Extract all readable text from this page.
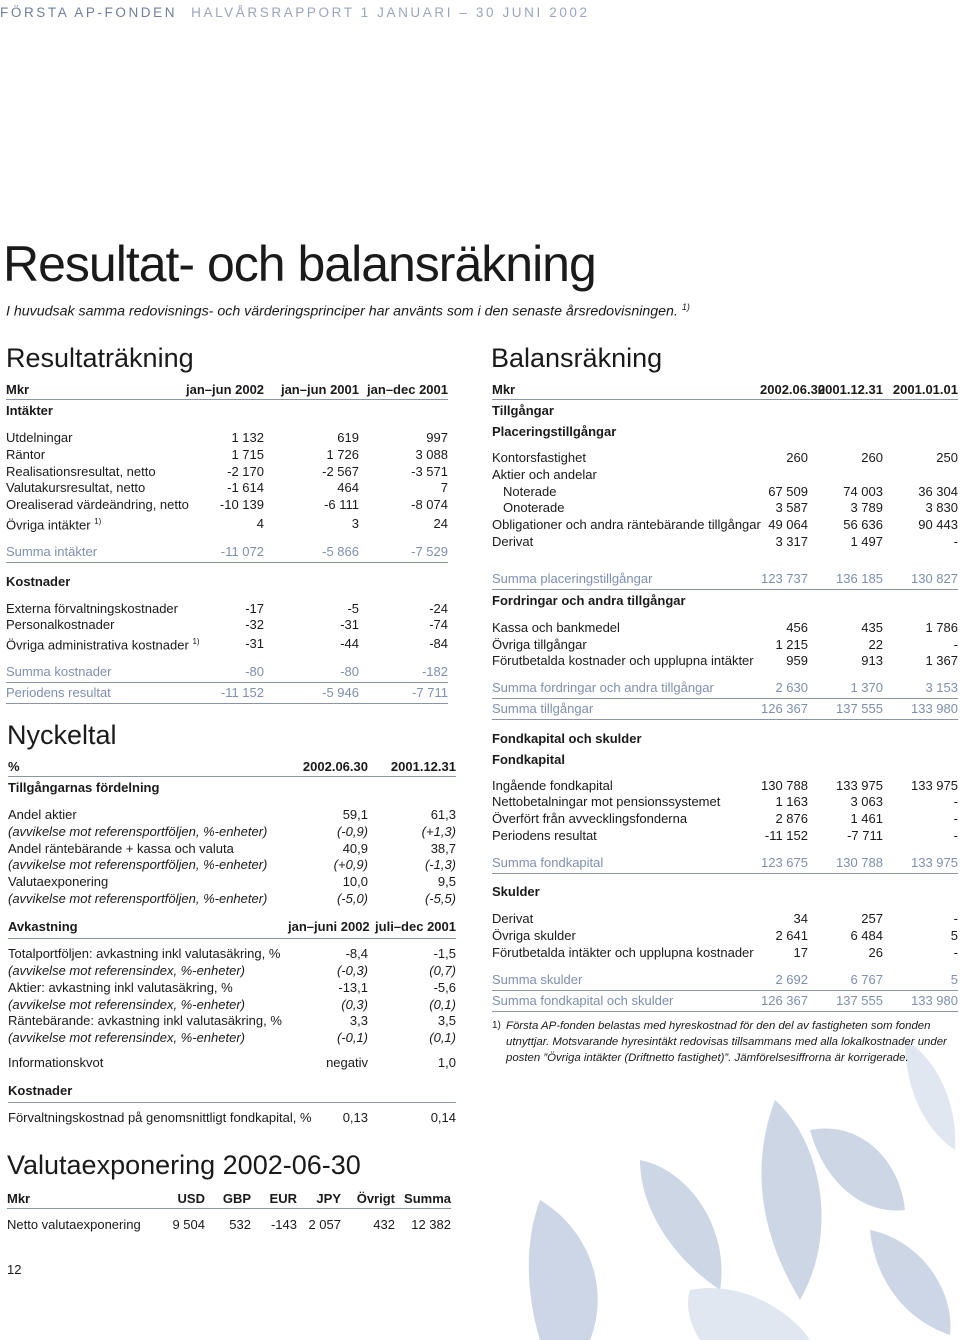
FÖRSTA AP-FONDEN HALVÅRSRAPPORT 1 JANUARI – 30 JUNI 2002
Resultat- och balansräkning

I huvudsak samma redovisnings- och värderingsprinciper har använts som i den senaste årsredovisningen. $^{1)}$

Resultaträkning
Mkr	jan–jun 2002	jan–jun 2001	jan–dec 2001
Intäkter			

Utdelningar	1 132	619	997
Räntor	1 715	1 726	3 088
Realisationsresultat, netto	-2 170	-2 567	-3 571
Valutakursresultat, netto	-1 614	464	7
Orealiserad värdeändring, netto	-10 139	-6 111	-8 074
Övriga intäkter $^{1)}$	4	3	24

Summa intäkter	-11 072	-5 866	-7 529

Kostnader			

Externa förvaltningskostnader	-17	-5	-24
Personalkostnader	-32	-31	-74
Övriga administrativa kostnader $^{1)}$	-31	-44	-84

Summa kostnader	-80	-80	-182
Periodens resultat	-11 152	-5 946	-7 711
Nyckeltal
%	2002.06.30	2001.12.31
Tillgångarnas fördelning		

Andel aktier	59,1	61,3
(avvikelse mot referensportföljen, %-enheter)	(-0,9)	(+1,3)
Andel räntebärande + kassa och valuta	40,9	38,7
(avvikelse mot referensportföljen, %-enheter)	(+0,9)	(-1,3)
Valutaexponering	10,0	9,5
(avvikelse mot referensportföljen, %-enheter)	(-5,0)	(-5,5)

Avkastning	jan–juni 2002	juli–dec 2001

Totalportföljen: avkastning inkl valutasäkring, %	-8,4	-1,5
(avvikelse mot referensindex, %-enheter)	(-0,3)	(0,7)
Aktier: avkastning inkl valutasäkring, %	-13,1	-5,6
(avvikelse mot referensindex, %-enheter)	(0,3)	(0,1)
Räntebärande: avkastning inkl valutasäkring, %	3,3	3,5
(avvikelse mot referensindex, %-enheter)	(-0,1)	(0,1)

Informationskvot	negativ	1,0

Kostnader		

Förvaltningskostnad på genomsnittligt fondkapital, %	0,13	0,14
Valutaexponering 2002-06-30
Mkr	USD	GBP	EUR	JPY	Övrigt	Summa

Netto valutaexponering	9 504	532	-143	2 057	432	12 382
Balansräkning
Mkr	2002.06.30	2001.12.31	2001.01.01
Tillgångar			
Placeringstillgångar			

Kontorsfastighet	260	260	250
Aktier och andelar			
Noterade	67 509	74 003	36 304
Onoterade	3 587	3 789	3 830
Obligationer och andra räntebärande tillgångar	49 064	56 636	90 443
Derivat	3 317	1 497	-

Summa placeringstillgångar	123 737	136 185	130 827
Fordringar och andra tillgångar			

Kassa och bankmedel	456	435	1 786
Övriga tillgångar	1 215	22	-
Förutbetalda kostnader och upplupna intäkter	959	913	1 367

Summa fordringar och andra tillgångar	2 630	1 370	3 153
Summa tillgångar	126 367	137 555	133 980

Fondkapital och skulder			
Fondkapital			

Ingående fondkapital	130 788	133 975	133 975
Nettobetalningar mot pensionssystemet	1 163	3 063	-
Överfört från avvecklingsfonderna	2 876	1 461	-
Periodens resultat	-11 152	-7 711	-

Summa fondkapital	123 675	130 788	133 975

Skulder			

Derivat	34	257	-
Övriga skulder	2 641	6 484	5
Förutbetalda intäkter och upplupna kostnader	17	26	-

Summa skulder	2 692	6 767	5
Summa fondkapital och skulder	126 367	137 555	133 980
1) Första AP-fonden belastas med hyreskostnad för den del av fastigheten som fonden utnyttjar. Motsvarande hyresintäkt redovisas tillsammans med alla lokalkostnader under posten ”Övriga intäkter (Driftnetto fastighet)”. Jämförelsesiffrorna är korrigerade.
12
